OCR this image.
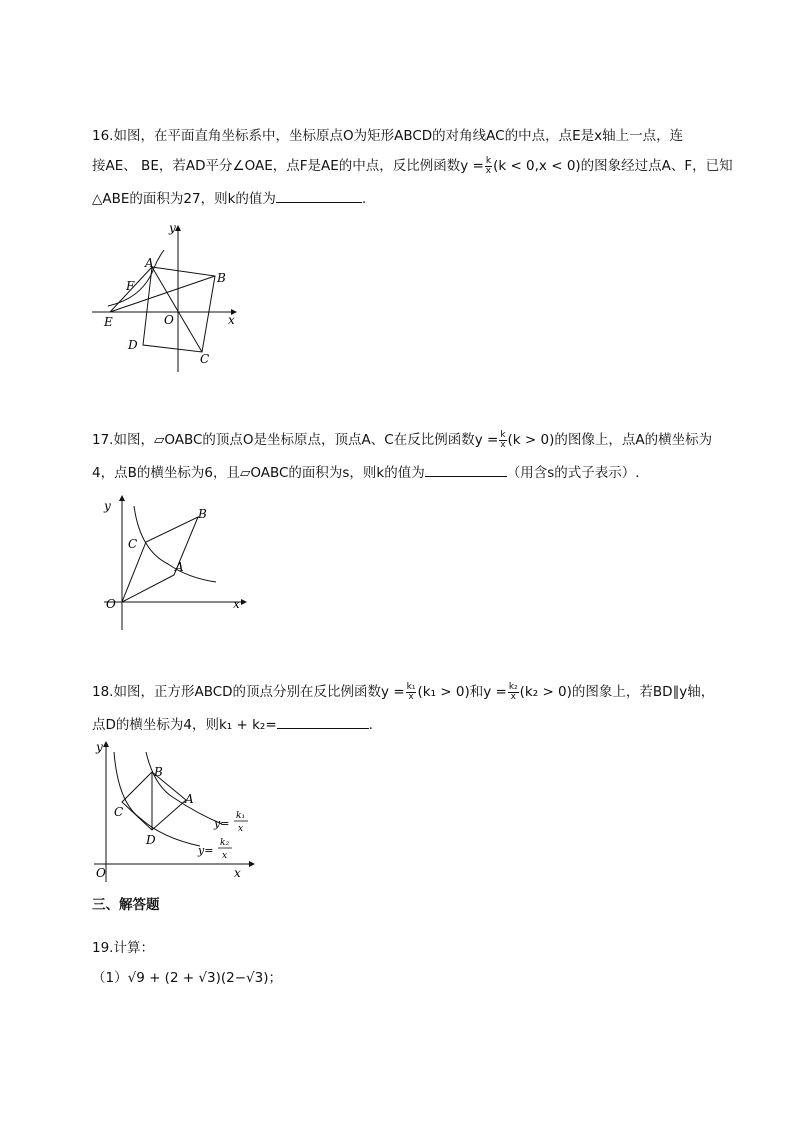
16.如图，在平面直角坐标系中，坐标原点O为矩形ABCD的对角线AC的中点，点E是x轴上一点，连
接AE、 BE，若AD平分∠OAE，点F是AE的中点，反比例函数$y = \frac{k}{x} (k < 0,x < 0)$的图象经过点A、F，已知
△ABE的面积为27，则k的值为	.
y
A
B
F
E	O	x
D
C
17.如图，▱OABC的顶点O是坐标原点，顶点A、C在反比例函数$y = \frac{k}{x} (k > 0)$的图像上，点A的横坐标为
4，点B的横坐标为6，且▱OABC的面积为s，则k的值为	（用含s的式子表示）.
y
B
C
A
O	x
18.如图，正方形ABCD的顶点分别在反比例函数$y = \frac{\text{k₁}}{x} (k_1 > 0)$和$y = \frac{\text{k₂}}{x} (k_2 > 0)$的图象上，若BD∥y轴，
点D的横坐标为4，则k₁ + k₂=	.
y
B
A
C
D
O	x
y=
k₁
x
y=
k₂
x
三、解答题
19.计算：
（1）√9 + (2 + √3)(2−√3)；
